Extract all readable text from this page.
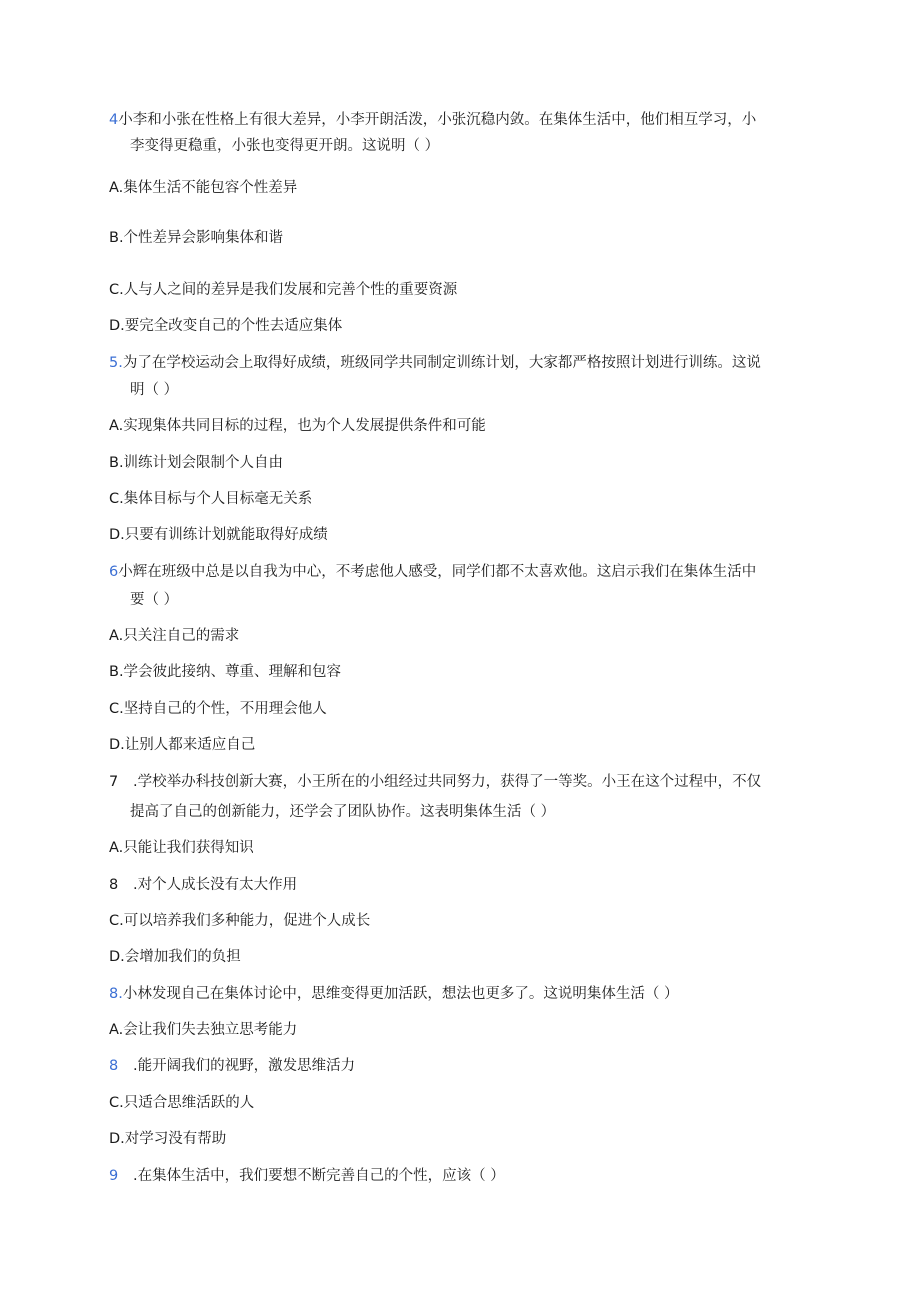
4小李和小张在性格上有很大差异，小李开朗活泼，小张沉稳内敛。在集体生活中，他们相互学习，小

李变得更稳重，小张也变得更开朗。这说明（ ）

A.集体生活不能包容个性差异

B.个性差异会影响集体和谐

C.人与人之间的差异是我们发展和完善个性的重要资源

D.要完全改变自己的个性去适应集体

5.为了在学校运动会上取得好成绩，班级同学共同制定训练计划，大家都严格按照计划进行训练。这说

明（ ）

A.实现集体共同目标的过程，也为个人发展提供条件和可能

B.训练计划会限制个人自由

C.集体目标与个人目标毫无关系

D.只要有训练计划就能取得好成绩

6小辉在班级中总是以自我为中心，不考虑他人感受，同学们都不太喜欢他。这启示我们在集体生活中

要（ ）

A.只关注自己的需求

B.学会彼此接纳、尊重、理解和包容

C.坚持自己的个性，不用理会他人

D.让别人都来适应自己

7 .学校举办科技创新大赛，小王所在的小组经过共同努力，获得了一等奖。小王在这个过程中，不仅

提高了自己的创新能力，还学会了团队协作。这表明集体生活（ ）

A.只能让我们获得知识

8 .对个人成长没有太大作用

C.可以培养我们多种能力，促进个人成长

D.会增加我们的负担

8.小林发现自己在集体讨论中，思维变得更加活跃，想法也更多了。这说明集体生活（ ）

A.会让我们失去独立思考能力

8 .能开阔我们的视野，激发思维活力

C.只适合思维活跃的人

D.对学习没有帮助

9 .在集体生活中，我们要想不断完善自己的个性，应该（ ）
